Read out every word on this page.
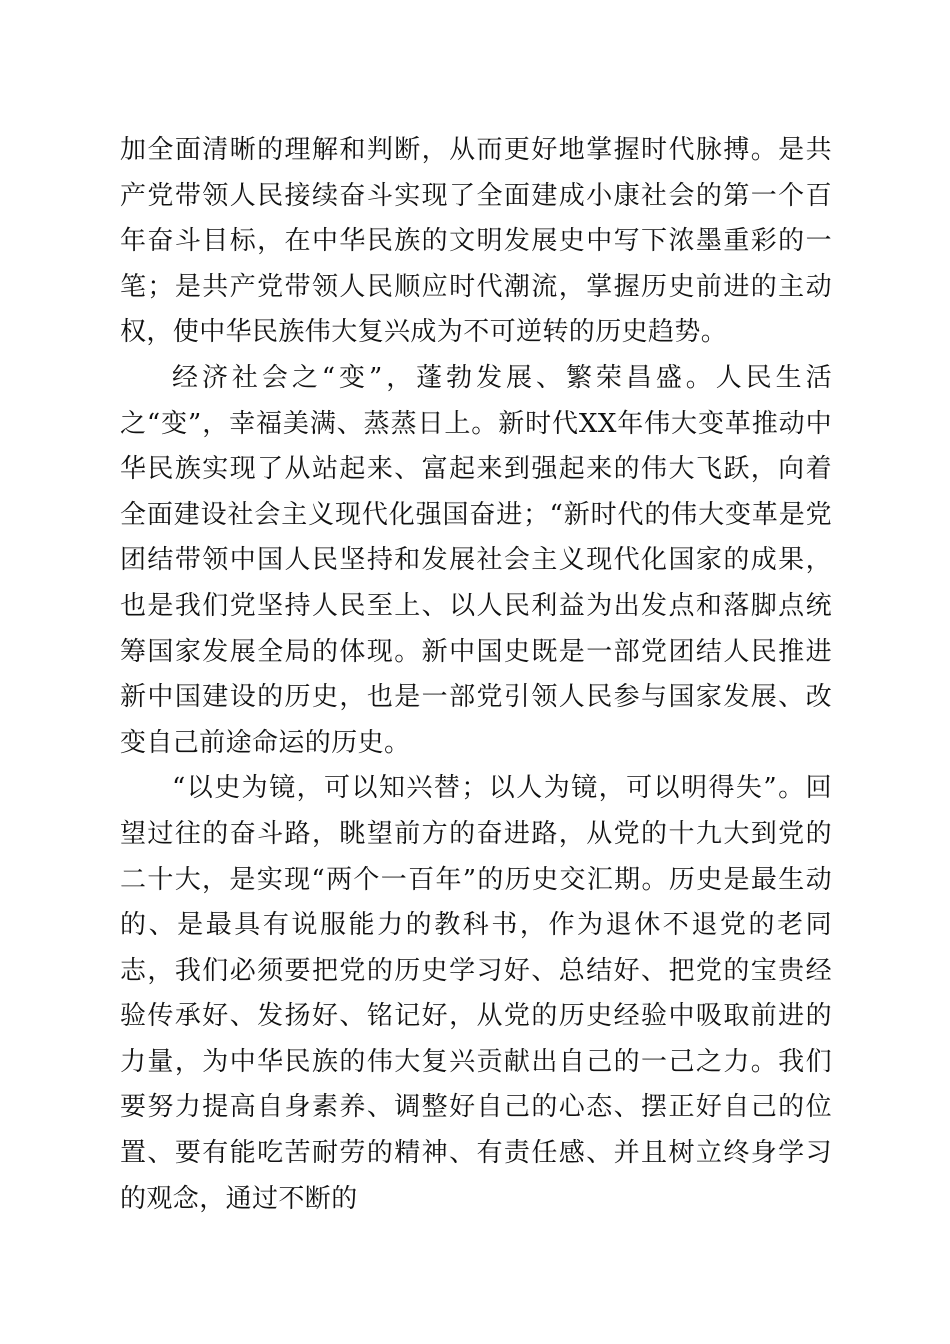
加全面清晰的理解和判断，从而更好地掌握时代脉搏。是共产党带领人民接续奋斗实现了全面建成小康社会的第一个百年奋斗目标，在中华民族的文明发展史中写下浓墨重彩的一笔；是共产党带领人民顺应时代潮流，掌握历史前进的主动权，使中华民族伟大复兴成为不可逆转的历史趋势。

经济社会之“变”，蓬勃发展、繁荣昌盛。人民生活之“变”，幸福美满、蒸蒸日上。新时代XX年伟大变革推动中华民族实现了从站起来、富起来到强起来的伟大飞跃，向着全面建设社会主义现代化强国奋进；“新时代的伟大变革是党团结带领中国人民坚持和发展社会主义现代化国家的成果，也是我们党坚持人民至上、以人民利益为出发点和落脚点统筹国家发展全局的体现。新中国史既是一部党团结人民推进新中国建设的历史，也是一部党引领人民参与国家发展、改变自己前途命运的历史。

“以史为镜，可以知兴替；以人为镜，可以明得失”。回望过往的奋斗路，眺望前方的奋进路，从党的十九大到党的二十大，是实现“两个一百年”的历史交汇期。历史是最生动的、是最具有说服能力的教科书，作为退休不退党的老同志，我们必须要把党的历史学习好、总结好、把党的宝贵经验传承好、发扬好、铭记好，从党的历史经验中吸取前进的力量，为中华民族的伟大复兴贡献出自己的一己之力。我们要努力提高自身素养、调整好自己的心态、摆正好自己的位置、要有能吃苦耐劳的精神、有责任感、并且树立终身学习的观念，通过不断的
